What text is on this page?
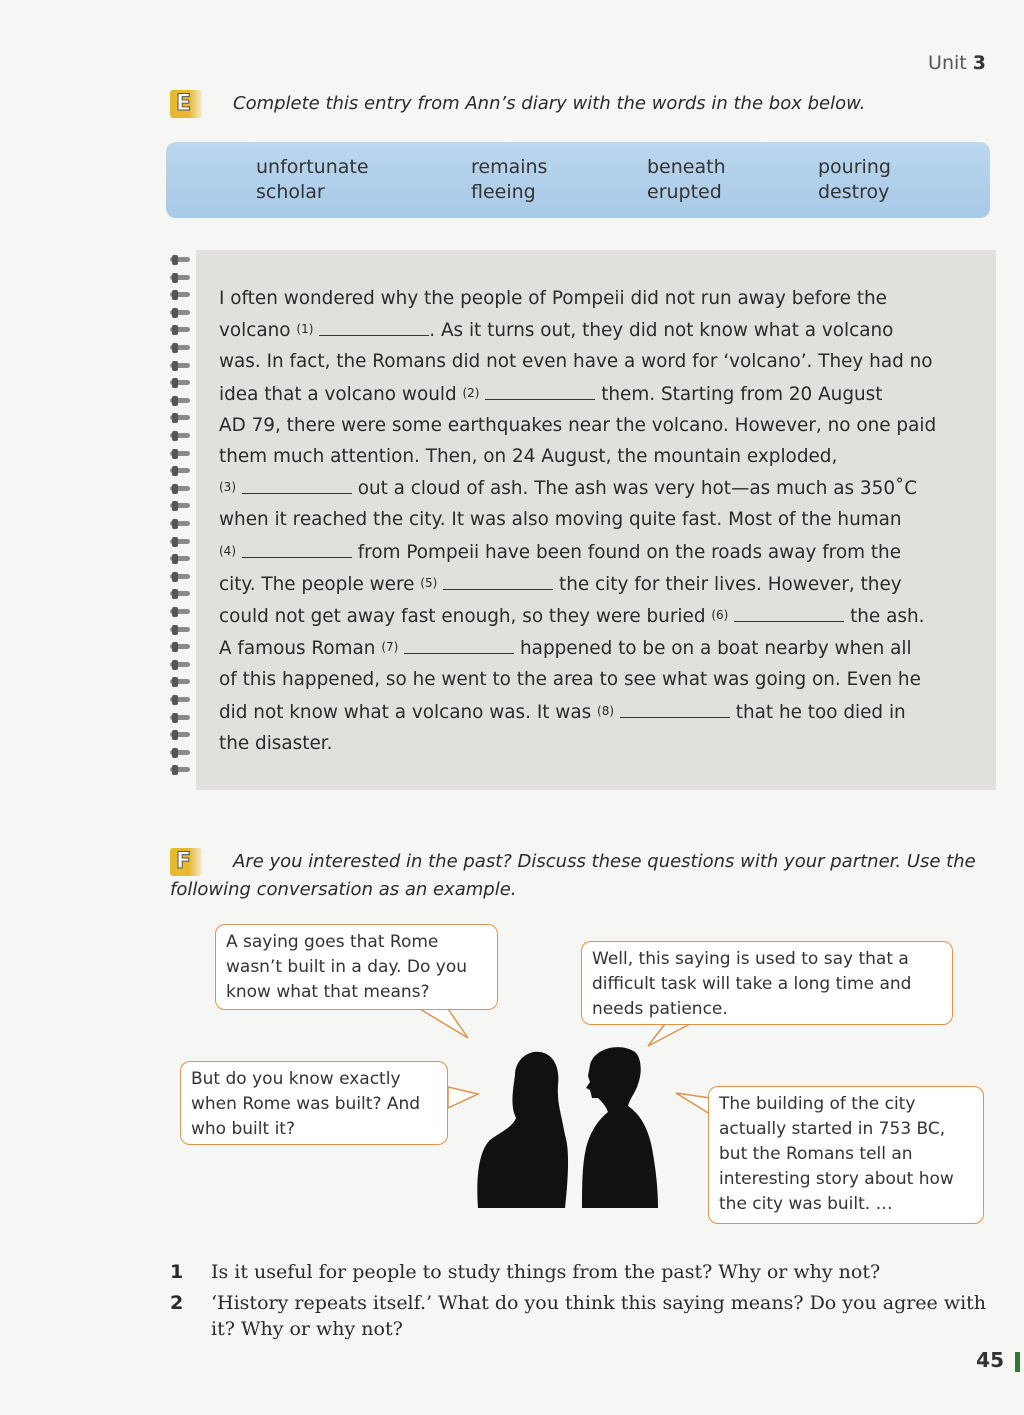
Unit 3
E	Complete this entry from Ann’s diary with the words in the box below.
unfortunate	remains	beneath	pouring
scholar	fleeing	erupted	destroy
I often wondered why the people of Pompeii did not run away before the
volcano (1)	. As it turns out, they did not know what a volcano
was. In fact, the Romans did not even have a word for ‘volcano’. They had no
idea that a volcano would (2)	them. Starting from 20 August
AD 79, there were some earthquakes near the volcano. However, no one paid
them much attention. Then, on 24 August, the mountain exploded,
(3)	out a cloud of ash. The ash was very hot—as much as 350˚C
when it reached the city. It was also moving quite fast. Most of the human
(4)	from Pompeii have been found on the roads away from the
city. The people were (5)	the city for their lives. However, they
could not get away fast enough, so they were buried (6)	the ash.
A famous Roman (7)	happened to be on a boat nearby when all
of this happened, so he went to the area to see what was going on. Even he
did not know what a volcano was. It was (8)	that he too died in
the disaster.
F	Are you interested in the past? Discuss these questions with your partner. Use the
following conversation as an example.
A saying goes that Rome
wasn’t built in a day. Do you
know what that means?
Well, this saying is used to say that a
difficult task will take a long time and
needs patience.
But do you know exactly
when Rome was built? And
who built it?
The building of the city
actually started in 753 BC,
but the Romans tell an
interesting story about how
the city was built. …
1 Is it useful for people to study things from the past? Why or why not?
2 ‘History repeats itself.’ What do you think this saying means? Do you agree with
it? Why or why not?
45
